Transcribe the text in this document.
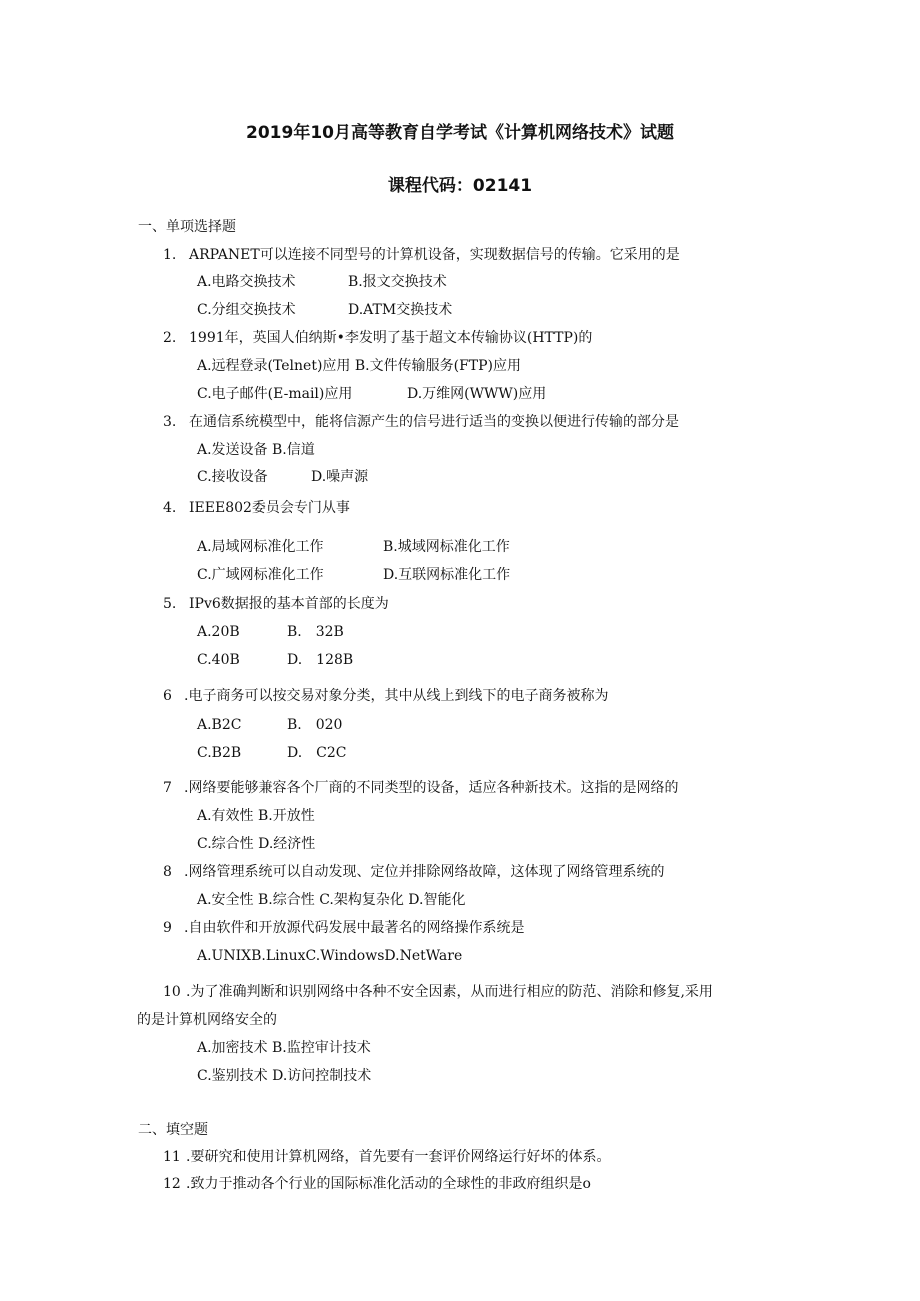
2019年10月高等教育自学考试《计算机网络技术》试题
课程代码：02141
一、单项选择题
1. ARPANET可以连接不同型号的计算机设备，实现数据信号的传输。它采用的是
A.电路交换技术	B.报文交换技术
C.分组交换技术	D.ATM交换技术
2. 1991年，英国人伯纳斯•李发明了基于超文本传输协议(HTTP)的
A.远程登录(Telnet)应用 B.文件传输服务(FTP)应用
C.电子邮件(E-mail)应用	D.万维网(WWW)应用
3. 在通信系统模型中，能将信源产生的信号进行适当的变换以便进行传输的部分是
A.发送设备 B.信道
C.接收设备	D.噪声源
4. IEEE802委员会专门从事
A.局域网标准化工作	B.城域网标准化工作
C.广域网标准化工作	D.互联网标准化工作
5. IPv6数据报的基本首部的长度为
A.20B	B.　32B
C.40B	D.　128B
6 .电子商务可以按交易对象分类，其中从线上到线下的电子商务被称为
A.B2C	B.　020
C.B2B	D.　C2C
7 .网络要能够兼容各个厂商的不同类型的设备，适应各种新技术。这指的是网络的
A.有效性 B.开放性
C.综合性 D.经济性
8 .网络管理系统可以自动发现、定位并排除网络故障，这体现了网络管理系统的
A.安全性 B.综合性 C.架构复杂化 D.智能化
9 .自由软件和开放源代码发展中最著名的网络操作系统是
A.UNIXB.LinuxC.WindowsD.NetWare
10 .为了准确判断和识别网络中各种不安全因素，从而进行相应的防范、消除和修复,采用
的是计算机网络安全的
A.加密技术 B.监控审计技术
C.鉴别技术 D.访问控制技术
二、填空题
11 .要研究和使用计算机网络，首先要有一套评价网络运行好坏的体系。
12 .致力于推动各个行业的国际标准化活动的全球性的非政府组织是o
